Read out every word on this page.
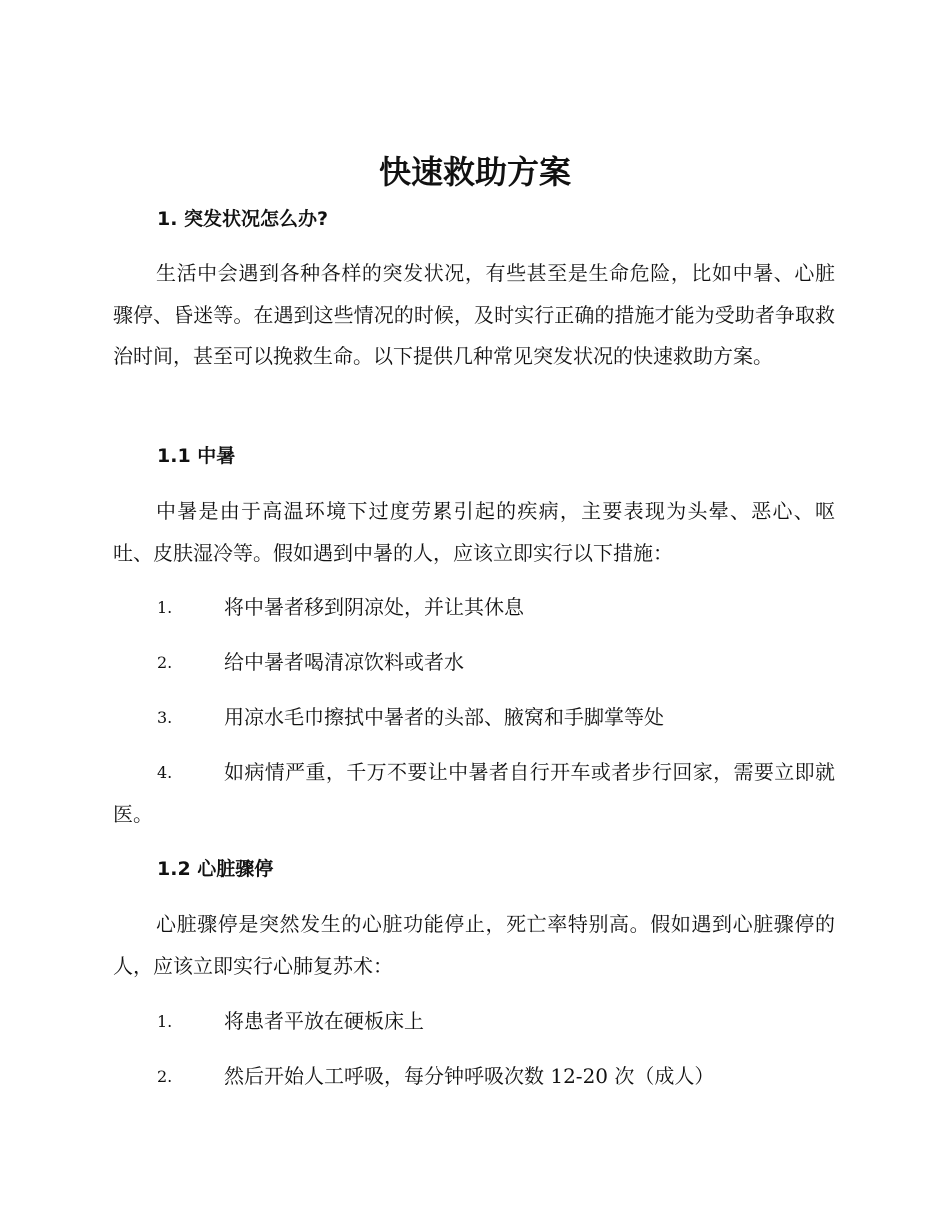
快速救助方案
1. 突发状况怎么办?

生活中会遇到各种各样的突发状况，有些甚至是生命危险，比如中暑、心脏骤停、昏迷等。在遇到这些情况的时候，及时实行正确的措施才能为受助者争取救治时间，甚至可以挽救生命。以下提供几种常见突发状况的快速救助方案。

1.1 中暑

中暑是由于高温环境下过度劳累引起的疾病，主要表现为头晕、恶心、呕吐、皮肤湿冷等。假如遇到中暑的人，应该立即实行以下措施：

1.	将中暑者移到阴凉处，并让其休息
2.	给中暑者喝清凉饮料或者水
3.	用凉水毛巾擦拭中暑者的头部、腋窝和手脚掌等处
4.	如病情严重，千万不要让中暑者自行开车或者步行回家，需要立即就医。
1.2 心脏骤停

心脏骤停是突然发生的心脏功能停止，死亡率特别高。假如遇到心脏骤停的人，应该立即实行心肺复苏术：

1.	将患者平放在硬板床上
2.	然后开始人工呼吸，每分钟呼吸次数 12-20 次（成人）
